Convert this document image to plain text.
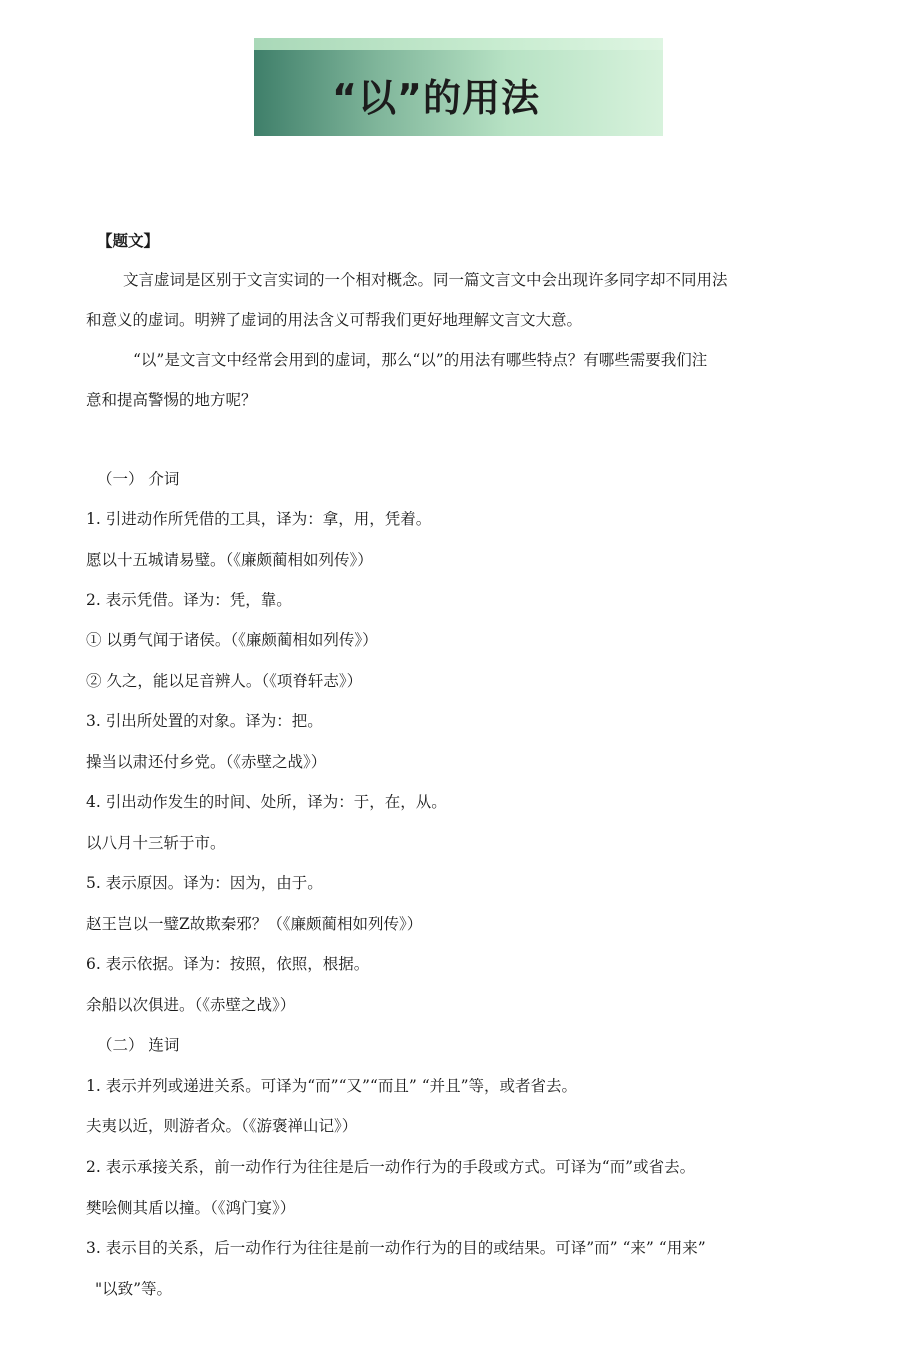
“以”的用法
【题文】
文言虚词是区别于文言实词的一个相对概念。同一篇文言文中会出现许多同字却不同用法
和意义的虚词。明辨了虚词的用法含义可帮我们更好地理解文言文大意。
“以”是文言文中经常会用到的虚词，那么“以”的用法有哪些特点？有哪些需要我们注
意和提高警惕的地方呢？
（一） 介词
1. 引进动作所凭借的工具，译为：拿，用，凭着。
愿以十五城请易璧。（《廉颇蔺相如列传》）
2. 表示凭借。译为：凭，靠。
① 以勇气闻于诸侯。（《廉颇蔺相如列传》）
② 久之，能以足音辨人。（《项脊轩志》）
3. 引出所处置的对象。译为：把。
操当以肃还付乡党。（《赤壁之战》）
4. 引出动作发生的时间、处所，译为：于，在，从。
以八月十三斩于市。
5. 表示原因。译为：因为，由于。
赵王岂以一璧Z故欺秦邪？（《廉颇蔺相如列传》）
6. 表示依据。译为：按照，依照，根据。
余船以次俱进。（《赤壁之战》）
（二） 连词
1. 表示并列或递进关系。可译为“而”“又”“而且” “并且”等，或者省去。
夫夷以近，则游者众。（《游褒禅山记》）
2. 表示承接关系，前一动作行为往往是后一动作行为的手段或方式。可译为“而”或省去。
樊哙侧其盾以撞。（《鸿门宴》）
3. 表示目的关系，后一动作行为往往是前一动作行为的目的或结果。可译”而” “来” “用来”
"以致”等。
